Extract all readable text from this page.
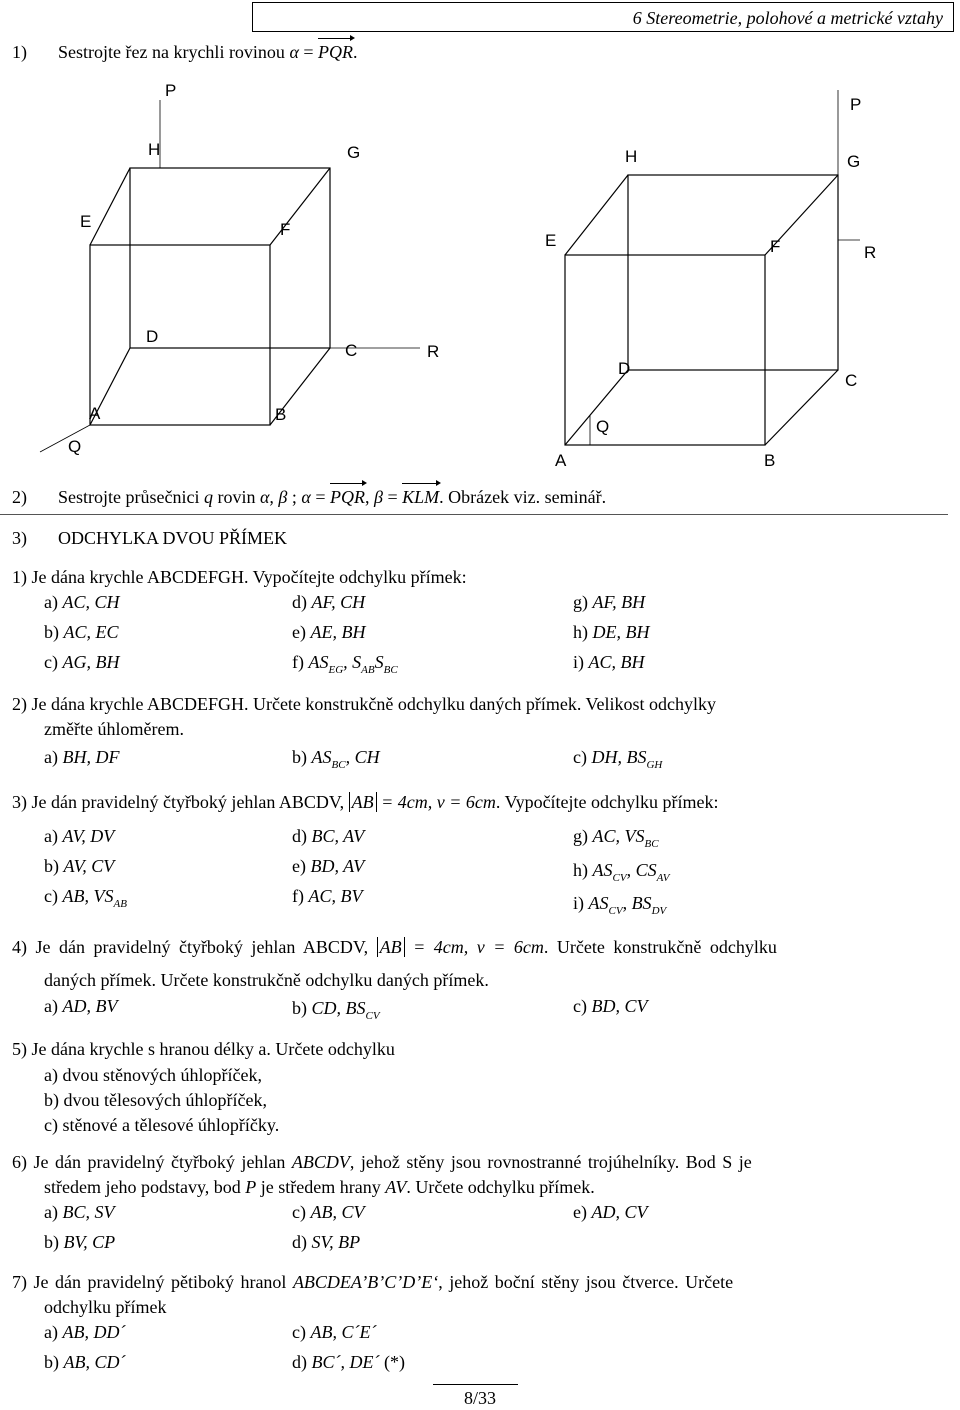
6 Stereometrie, polohové a metrické vztahy
1) Sestrojte řez na krychli rovinou α = PQR.
P
H	G
E	F
D
C	R
A	B
Q
P
H	G
E	F	R
D
C
Q
A	B
2) Sestrojte průsečnici q rovin α, β ; α = PQR, β = KLM. Obrázek viz. seminář.
3) ODCHYLKA DVOU PŘÍMEK
1) Je dána krychle ABCDEFGH. Vypočítejte odchylku přímek:
a) AC, CH	d) AF, CH	g) AF, BH
b) AC, EC	e) AE, BH	h) DE, BH
c) AG, BH	f) $AS_{EG}$, $S_{AB}S_{BC}$	i) AC, BH
2) Je dána krychle ABCDEFGH. Určete konstrukčně odchylku daných přímek. Velikost odchylky
změřte úhloměrem.
a) BH, DF	b) $AS_{BC}$, CH	c) DH, $BS_{GH}$
3) Je dán pravidelný čtyřboký jehlan ABCDV, AB = 4cm, v = 6cm. Vypočítejte odchylku přímek:
a) AV, DV	d) BC, AV	g) AC, $VS_{BC}$
b) AV, CV	e) BD, AV	h) $AS_{CV}$, $CS_{AV}$
c) AB, $VS_{AB}$	f) AC, BV	i) $AS_{CV}$, $BS_{DV}$
4) Je dán pravidelný čtyřboký jehlan ABCDV, AB = 4cm, v = 6cm. Určete konstrukčně odchylku
daných přímek. Určete konstrukčně odchylku daných přímek.
a) AD, BV	b) CD, $BS_{CV}$	c) BD, CV
5) Je dána krychle s hranou délky a. Určete odchylku
a) dvou stěnových úhlopříček,
b) dvou tělesových úhlopříček,
c) stěnové a tělesové úhlopříčky.
6) Je dán pravidelný čtyřboký jehlan ABCDV, jehož stěny jsou rovnostranné trojúhelníky. Bod S je
středem jeho podstavy, bod P je středem hrany AV. Určete odchylku přímek.
a) BC, SV	c) AB, CV	e) AD, CV
b) BV, CP	d) SV, BP
7) Je dán pravidelný pětiboký hranol ABCDEA’B’C’D’E‘, jehož boční stěny jsou čtverce. Určete
odchylku přímek
a) AB, DD´	c) AB, C´E´
b) AB, CD´	d) BC´, DE´ (*)
8/33
